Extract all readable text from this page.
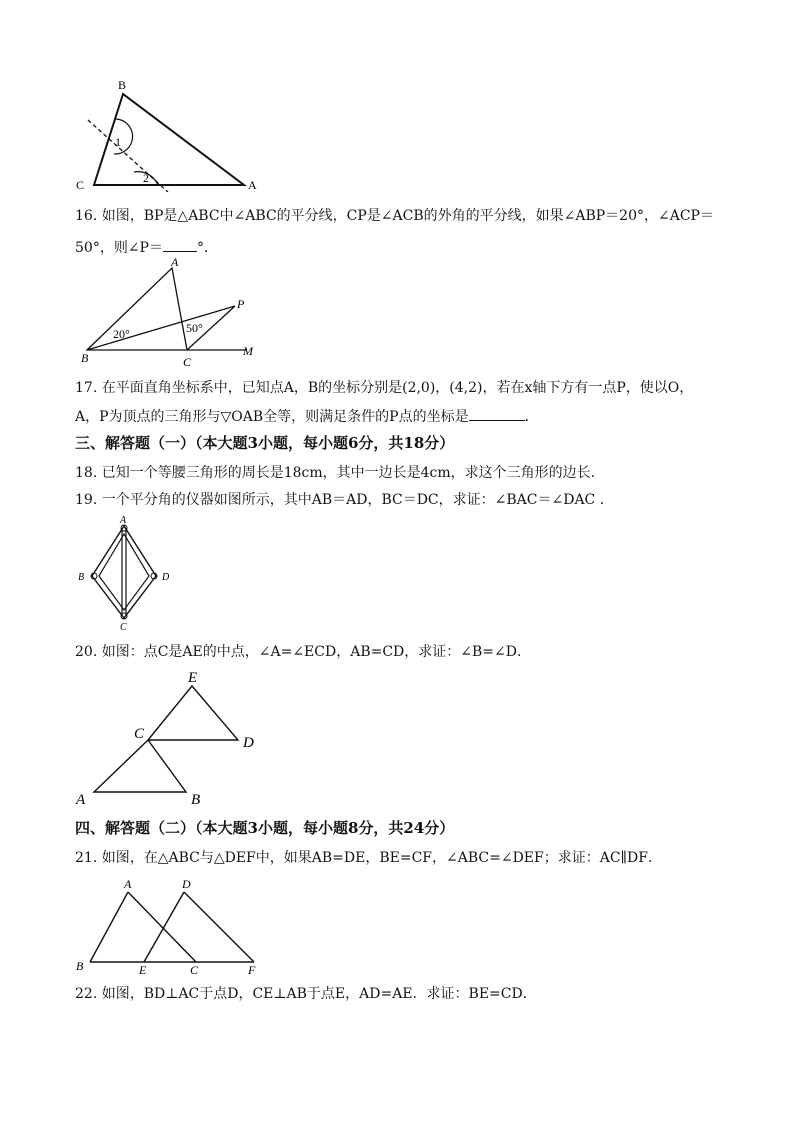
B
C	A
1
2
16. 如图，BP是△ABC中∠ABC的平分线，CP是∠ACB的外角的平分线，如果∠ABP＝20°，∠ACP＝
50°，则∠P＝ °．
A
P
B	C
M
20°	50°
17. 在平面直角坐标系中，已知点A，B的坐标分别是(2,0)，(4,2)，若在x轴下方有一点P，使以O，
A，P为顶点的三角形与▽OAB全等，则满足条件的P点的坐标是	．
三、解答题（一）（本大题3小题，每小题6分，共18分）
18. 已知一个等腰三角形的周长是18cm，其中一边长是4cm，求这个三角形的边长.
19. 一个平分角的仪器如图所示，其中AB＝AD，BC＝DC，求证：∠BAC＝∠DAC ．
A
B
C
D
20. 如图：点C是AE的中点，∠A=∠ECD，AB=CD，求证：∠B=∠D．
E
C
D
A	B
四、解答题（二）（本大题3小题，每小题8分，共24分）
21. 如图，在△ABC与△DEF中，如果AB=DE，BE=CF，∠ABC=∠DEF；求证：AC∥DF．
A	D
B	E	C	F
22. 如图，BD⊥AC于点D，CE⊥AB于点E，AD=AE．求证：BE=CD．
